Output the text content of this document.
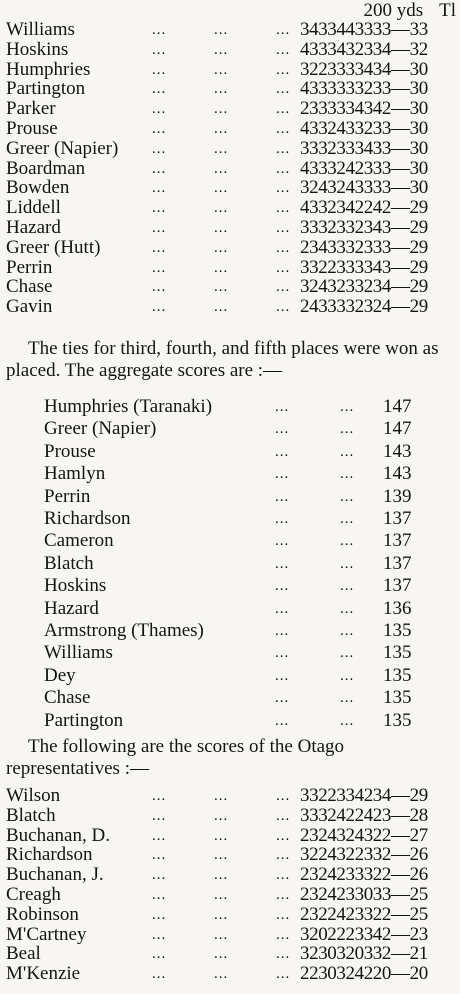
200 yds Tl
Williams	...	...	... 3433443333—33
Hoskins	...	...	... 4333432334—32
Humphries	...	...	... 3223333434—30
Partington	...	...	... 4333333233—30
Parker	...	...	... 2333334342—30
Prouse	...	...	... 4332433233—30
Greer (Napier) ...	...	... 3332333433—30
Boardman	...	...	... 4333242333—30
Bowden	...	...	... 3243243333—30
Liddell	...	...	... 4332342242—29
Hazard	...	...	... 3332332343—29
Greer (Hutt)	...	...	... 2343332333—29
Perrin	...	...	... 3322333343—29
Chase	...	...	... 3243233234—29
Gavin	...	...	... 2433332324—29
The ties for third, fourth, and fifth places were won as placed. The aggregate scores are :—
Humphries (Taranaki)	...	... 147
Greer (Napier)	...	... 147
Prouse	...	... 143
Hamlyn	...	... 143
Perrin	...	... 139
Richardson	...	... 137
Cameron	...	... 137
Blatch	...	... 137
Hoskins	...	... 137
Hazard	...	... 136
Armstrong (Thames)	...	... 135
Williams	...	... 135
Dey	...	... 135
Chase	...	... 135
Partington	...	... 135
The following are the scores of the Otago representatives :—
Wilson	...	...	... 3322334234—29
Blatch	...	...	... 3332422423—28
Buchanan, D.	...	...	... 2324324322—27
Richardson	...	...	... 3224322332—26
Buchanan, J.	...	...	... 2324233322—26
Creagh	...	...	... 2324233033—25
Robinson	...	...	... 2322423322—25
M'Cartney	...	...	... 3202223342—23
Beal	...	...	... 3230320332—21
M'Kenzie	...	...	... 2230324220—20
